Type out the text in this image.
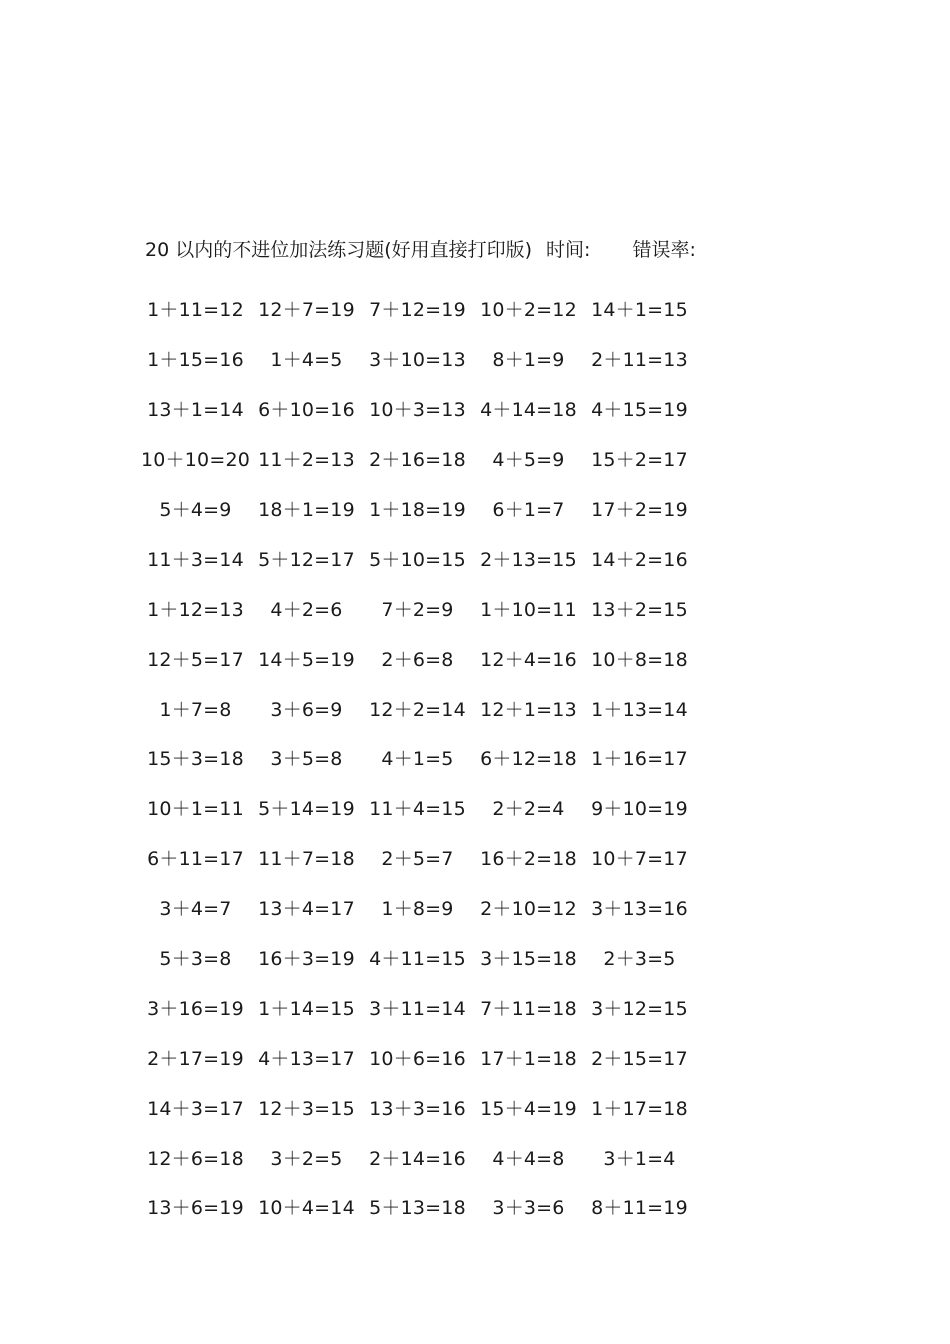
20 以内的不进位加法练习题(好用直接打印版) 时间: 错误率:
1＋11=12 12＋7=19 7＋12=19 10＋2=12 14＋1=15
1＋15=16	1＋4=5	3＋10=13	8＋1=9	2＋11=13
13＋1=14 6＋10=16 10＋3=13 4＋14=18 4＋15=19
10＋10=20 11＋2=13 2＋16=18	4＋5=9	15＋2=17
5＋4=9	18＋1=19 1＋18=19	6＋1=7	17＋2=19
11＋3=14 5＋12=17 5＋10=15 2＋13=15 14＋2=16
1＋12=13	4＋2=6	7＋2=9	1＋10=11 13＋2=15
12＋5=17 14＋5=19	2＋6=8	12＋4=16 10＋8=18
1＋7=8	3＋6=9	12＋2=14 12＋1=13 1＋13=14
15＋3=18	3＋5=8	4＋1=5	6＋12=18 1＋16=17
10＋1=11 5＋14=19 11＋4=15	2＋2=4	9＋10=19
6＋11=17 11＋7=18	2＋5=7	16＋2=18 10＋7=17
3＋4=7	13＋4=17	1＋8=9	2＋10=12 3＋13=16
5＋3=8	16＋3=19 4＋11=15 3＋15=18	2＋3=5
3＋16=19 1＋14=15 3＋11=14 7＋11=18 3＋12=15
2＋17=19 4＋13=17 10＋6=16 17＋1=18 2＋15=17
14＋3=17 12＋3=15 13＋3=16 15＋4=19 1＋17=18
12＋6=18	3＋2=5	2＋14=16	4＋4=8	3＋1=4
13＋6=19 10＋4=14 5＋13=18	3＋3=6	8＋11=19
